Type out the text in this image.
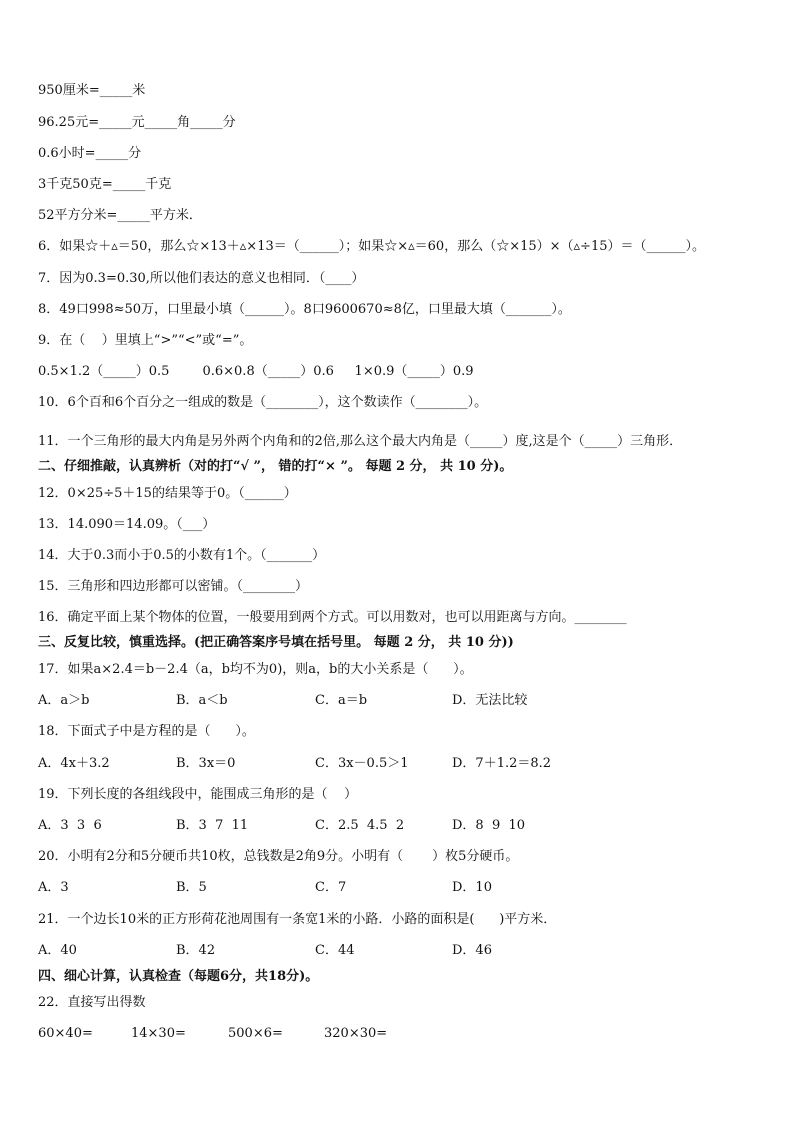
950厘米=_____米
96.25元=_____元_____角_____分
0.6小时=_____分
3千克50克=_____千克
52平方分米=_____平方米．
6．如果☆＋▵＝50，那么☆×13＋▵×13＝（______）；如果☆×▵＝60，那么（☆×15）×（▵÷15）＝（______）。
7．因为0.3=0.30,所以他们表达的意义也相同．（____）
8．49口998≈50万，口里最小填（______）。8口9600670≈8亿，口里最大填（_______）。
9．在（    ）里填上“>”“<”或“=”。
0.5×1.2（_____）0.5        0.6×0.8（_____）0.6     1×0.9（_____）0.9
10．6个百和6个百分之一组成的数是（________），这个数读作（________）。
11．一个三角形的最大内角是另外两个内角和的2倍,那么这个最大内角是（_____）度,这是个（_____）三角形．
二、仔细推敲，认真辨析（对的打“√ ”， 错的打“× ”。 每题 2 分， 共 10 分)。
12．0×25÷5＋15的结果等于0。（______）
13．14.090＝14.09。（___）
14．大于0.3而小于0.5的小数有1个。（_______）
15．三角形和四边形都可以密铺。（________）
16．确定平面上某个物体的位置，一般要用到两个方式。可以用数对，也可以用距离与方向。________
三、反复比较，慎重选择。(把正确答案序号填在括号里。 每题 2 分， 共 10 分))
17．如果a×2.4＝b－2.4（a，b均不为0)，则a，b的大小关系是（      ）。
A．a＞b	B．a＜b	C．a＝b	D．无法比较
18．下面式子中是方程的是（      ）。
A．4x＋3.2	B．3x＝0	C．3x－0.5＞1	D．7＋1.2＝8.2
19．下列长度的各组线段中，能围成三角形的是（    ）
A．3  3  6	B．3  7  11	C．2.5  4.5  2	D．8  9  10
20．小明有2分和5分硬币共10枚，总钱数是2角9分。小明有（       ）枚5分硬币。
A．3	B．5	C．7	D．10
21．一个边长10米的正方形荷花池周围有一条宽1米的小路．小路的面积是(      )平方米．
A．40	B．42	C．44	D．46
四、细心计算，认真检查（每题6分，共18分)。
22．直接写出得数
60×40=	14×30=	500×6=	320×30=
